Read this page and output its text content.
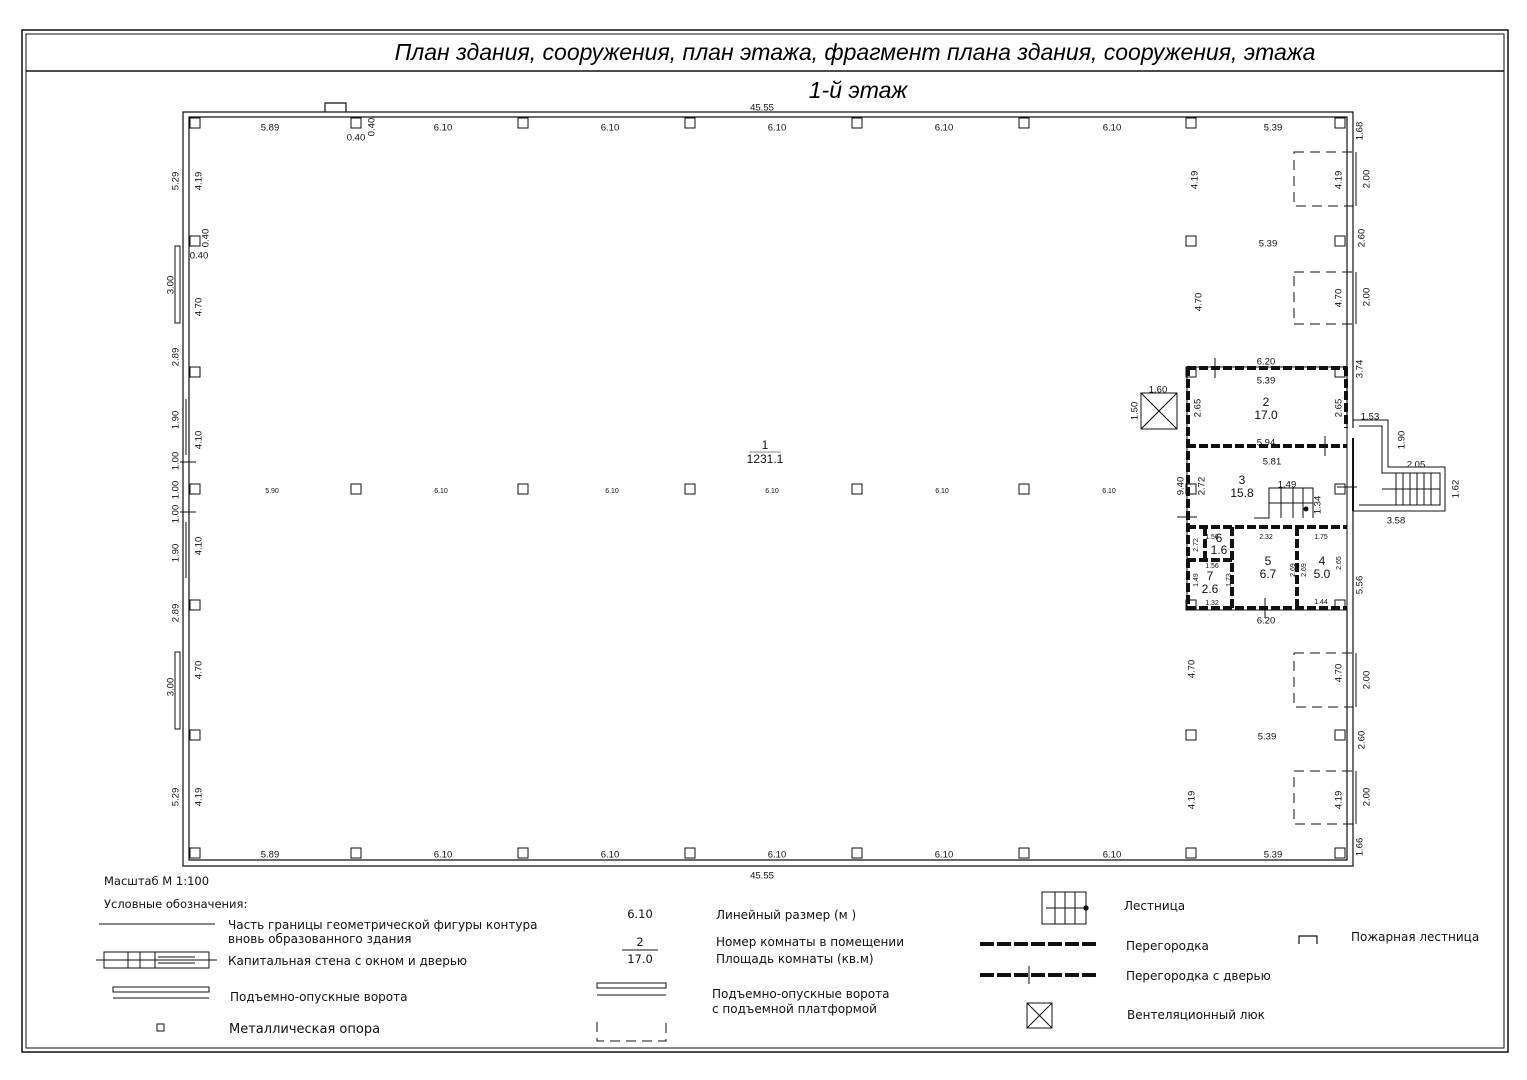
План здания, сооружения, план этажа, фрагмент плана здания, сооружения, этажа
1-й этаж
45.55
45.55
5.89	6.10	6.10	6.10	6.10	6.10	5.39
5.89	6.10	6.10	6.10	6.10	6.10	5.39
5.90	6.10	6.10	6.10	6.10	6.10
0.40
0.40
0.40
0.40
5.29
3.00
2.89
1.90
1.00
1.00
1.00
1.90
2.89
3.00
5.29
4.19
4.70
4.10
4.10
4.70
4.19
1.68
2.00
2.60
2.00
3.74
5.56
2.00
2.60
2.00
1.66
4.19	4.19
4.70	4.70
4.70	4.70
4.19	4.19
5.39
5.39
6.20
6.20
5.39
2.65	2.65
5.94
5.81
2.72
9.40	1.49
1.34
1.56
2.72
2.32	1.75
1.56	2.69 2.69
2.65
1.49	1.73
1.32	1.44
1.60
1.50	1.53
1.90
2.05
1.62
3.58
1
1231.1
2
17.0
3
15.8
6
1.6
5
6.7
4
5.0
7
2.6
Масштаб М 1:100
Условные обозначения:
Часть границы геометрической фигуры контура
вновь образованного здания
Капитальная стена с окном и дверью
Подъемно-опускные ворота
Металлическая опора
6.10	Линейный размер (м )
2
17.0
Номер комнаты в помещении
Площадь комнаты (кв.м)
Подъемно-опускные ворота
с подъемной платформой
Лестница
Перегородка
Перегородка с дверью
Вентеляционный люк
Пожарная лестница
